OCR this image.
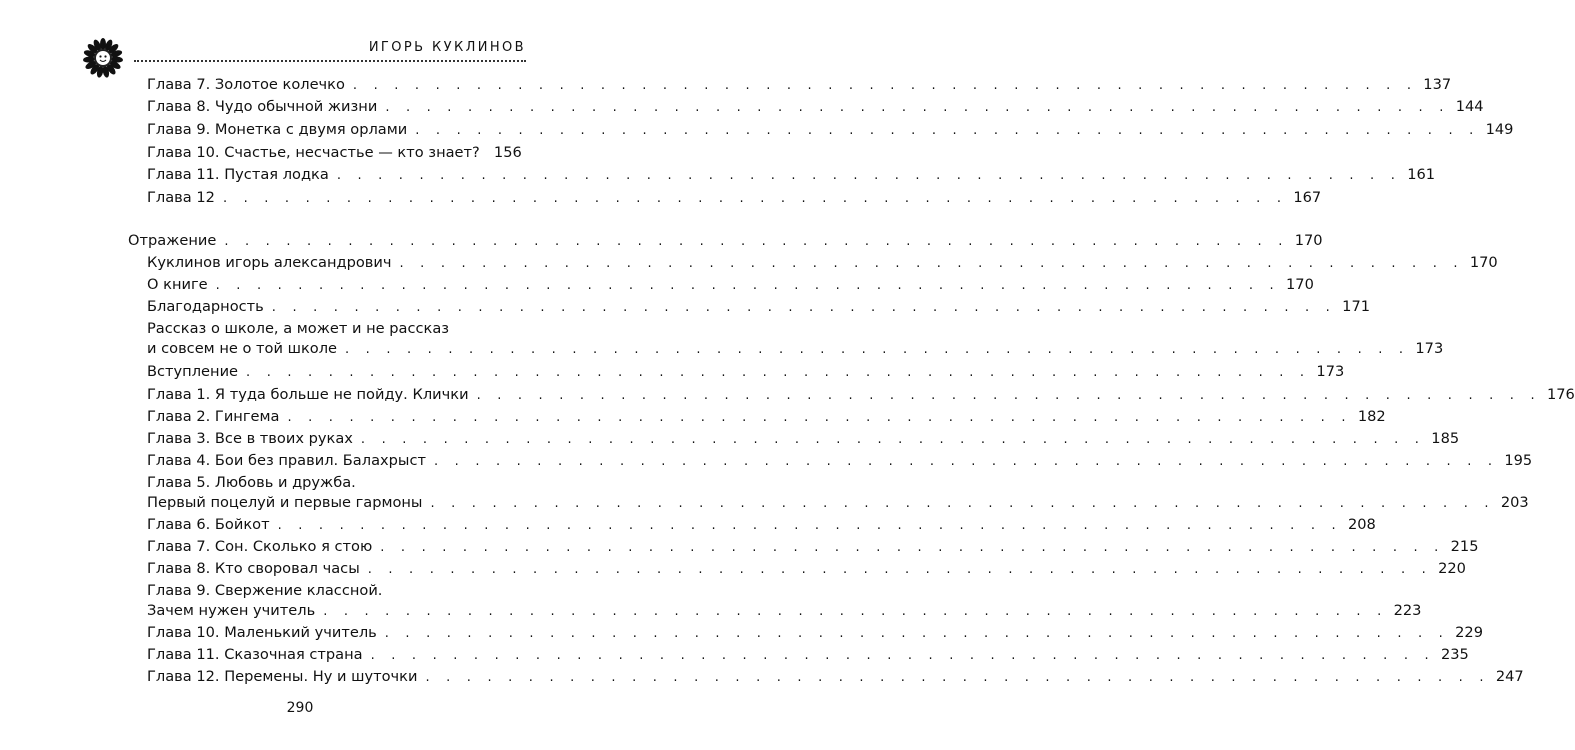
ИГОРЬ КУКЛИНОВ
Глава 7. Золотое колечко . . . . . . . . . . . . . . . . . . . . . . . . . . . . . . . . . . . . . . . . . . . . . . . . . . . . 137
Глава 8. Чудо обычной жизни . . . . . . . . . . . . . . . . . . . . . . . . . . . . . . . . . . . . . . . . . . . . . . . . . . . . 144
Глава 9. Монетка с двумя орлами . . . . . . . . . . . . . . . . . . . . . . . . . . . . . . . . . . . . . . . . . . . . . . . . . . . . 149
Глава 10. Счастье, несчастье — кто знает? 156
Глава 11. Пустая лодка . . . . . . . . . . . . . . . . . . . . . . . . . . . . . . . . . . . . . . . . . . . . . . . . . . . . 161
Глава 12 . . . . . . . . . . . . . . . . . . . . . . . . . . . . . . . . . . . . . . . . . . . . . . . . . . . . 167
Отражение . . . . . . . . . . . . . . . . . . . . . . . . . . . . . . . . . . . . . . . . . . . . . . . . . . . . 170
Куклинов игорь александрович . . . . . . . . . . . . . . . . . . . . . . . . . . . . . . . . . . . . . . . . . . . . . . . . . . . . 170
О книге . . . . . . . . . . . . . . . . . . . . . . . . . . . . . . . . . . . . . . . . . . . . . . . . . . . . 170
Благодарность . . . . . . . . . . . . . . . . . . . . . . . . . . . . . . . . . . . . . . . . . . . . . . . . . . . . 171
Рассказ о школе, а может и не рассказ
и совсем не о той школе . . . . . . . . . . . . . . . . . . . . . . . . . . . . . . . . . . . . . . . . . . . . . . . . . . . . 173
Вступление . . . . . . . . . . . . . . . . . . . . . . . . . . . . . . . . . . . . . . . . . . . . . . . . . . . . 173
Глава 1. Я туда больше не пойду. Клички . . . . . . . . . . . . . . . . . . . . . . . . . . . . . . . . . . . . . . . . . . . . . . . . . . . . 176
Глава 2. Гингема . . . . . . . . . . . . . . . . . . . . . . . . . . . . . . . . . . . . . . . . . . . . . . . . . . . . 182
Глава 3. Все в твоих руках . . . . . . . . . . . . . . . . . . . . . . . . . . . . . . . . . . . . . . . . . . . . . . . . . . . . 185
Глава 4. Бои без правил. Балахрыст . . . . . . . . . . . . . . . . . . . . . . . . . . . . . . . . . . . . . . . . . . . . . . . . . . . . 195
Глава 5. Любовь и дружба.
Первый поцелуй и первые гармоны . . . . . . . . . . . . . . . . . . . . . . . . . . . . . . . . . . . . . . . . . . . . . . . . . . . . 203
Глава 6. Бойкот . . . . . . . . . . . . . . . . . . . . . . . . . . . . . . . . . . . . . . . . . . . . . . . . . . . . 208
Глава 7. Сон. Сколько я стою . . . . . . . . . . . . . . . . . . . . . . . . . . . . . . . . . . . . . . . . . . . . . . . . . . . . 215
Глава 8. Кто своровал часы . . . . . . . . . . . . . . . . . . . . . . . . . . . . . . . . . . . . . . . . . . . . . . . . . . . . 220
Глава 9. Свержение классной.
Зачем нужен учитель . . . . . . . . . . . . . . . . . . . . . . . . . . . . . . . . . . . . . . . . . . . . . . . . . . . . 223
Глава 10. Маленький учитель . . . . . . . . . . . . . . . . . . . . . . . . . . . . . . . . . . . . . . . . . . . . . . . . . . . . 229
Глава 11. Сказочная страна . . . . . . . . . . . . . . . . . . . . . . . . . . . . . . . . . . . . . . . . . . . . . . . . . . . . 235
Глава 12. Перемены. Ну и шуточки . . . . . . . . . . . . . . . . . . . . . . . . . . . . . . . . . . . . . . . . . . . . . . . . . . . . 247
290
